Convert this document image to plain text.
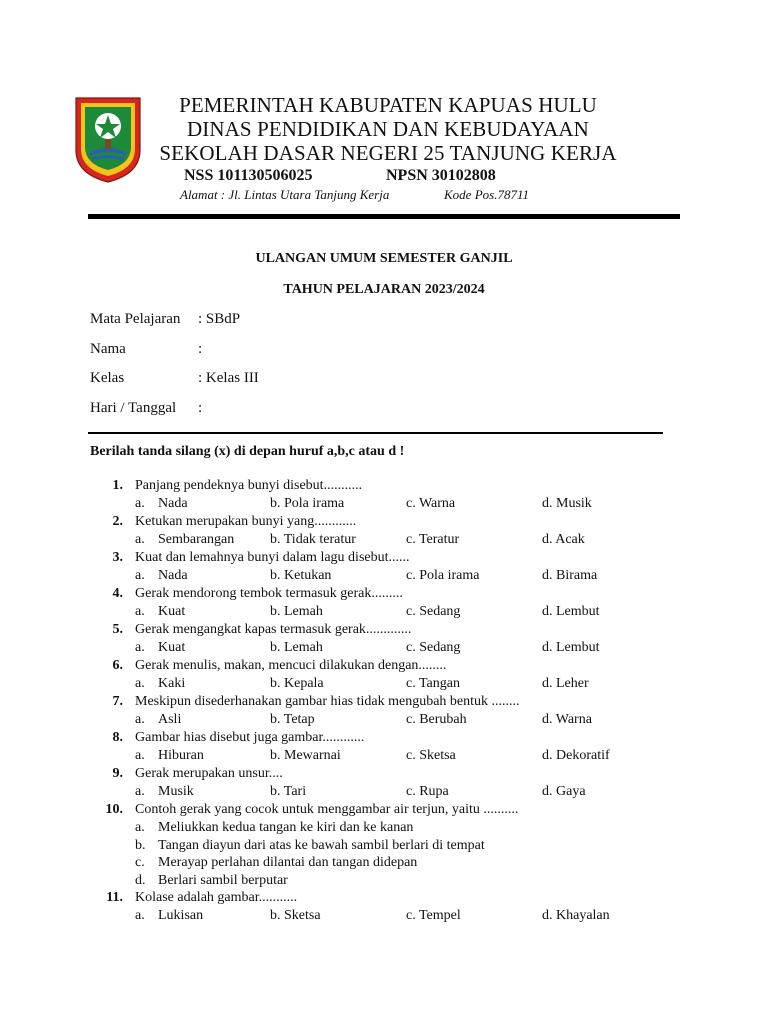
PEMERINTAH KABUPATEN KAPUAS HULU
DINAS PENDIDIKAN DAN KEBUDAYAAN
SEKOLAH DASAR NEGERI 25 TANJUNG KERJA
NSS 101130506025	NPSN 30102808
Alamat : Jl. Lintas Utara Tanjung Kerja	Kode Pos.78711
ULANGAN UMUM SEMESTER GANJIL
TAHUN PELAJARAN 2023/2024
Mata Pelajaran : SBdP
Nama	:
Kelas	: Kelas III
Hari / Tanggal :
Berilah tanda silang (x) di depan huruf a,b,c atau d !
1. Panjang pendeknya bunyi disebut...........
a. Nada	b. Pola irama	c. Warna	d. Musik
2. Ketukan merupakan bunyi yang............
a. Sembarangan	b. Tidak teratur	c. Teratur	d. Acak
3. Kuat dan lemahnya bunyi dalam lagu disebut......
a. Nada	b. Ketukan	c. Pola irama	d. Birama
4. Gerak mendorong tembok termasuk gerak.........
a. Kuat	b. Lemah	c. Sedang	d. Lembut
5. Gerak mengangkat kapas termasuk gerak.............
a. Kuat	b. Lemah	c. Sedang	d. Lembut
6. Gerak menulis, makan, mencuci dilakukan dengan........
a. Kaki	b. Kepala	c. Tangan	d. Leher
7. Meskipun disederhanakan gambar hias tidak mengubah bentuk ........
a. Asli	b. Tetap	c. Berubah	d. Warna
8. Gambar hias disebut juga gambar............
a. Hiburan	b. Mewarnai	c. Sketsa	d. Dekoratif
9. Gerak merupakan unsur....
a. Musik	b. Tari	c. Rupa	d. Gaya
10. Contoh gerak yang cocok untuk menggambar air terjun, yaitu ..........
a. Meliukkan kedua tangan ke kiri dan ke kanan
b. Tangan diayun dari atas ke bawah sambil berlari di tempat
c. Merayap perlahan dilantai dan tangan didepan
d. Berlari sambil berputar
11. Kolase adalah gambar...........
a. Lukisan	b. Sketsa	c. Tempel	d. Khayalan
